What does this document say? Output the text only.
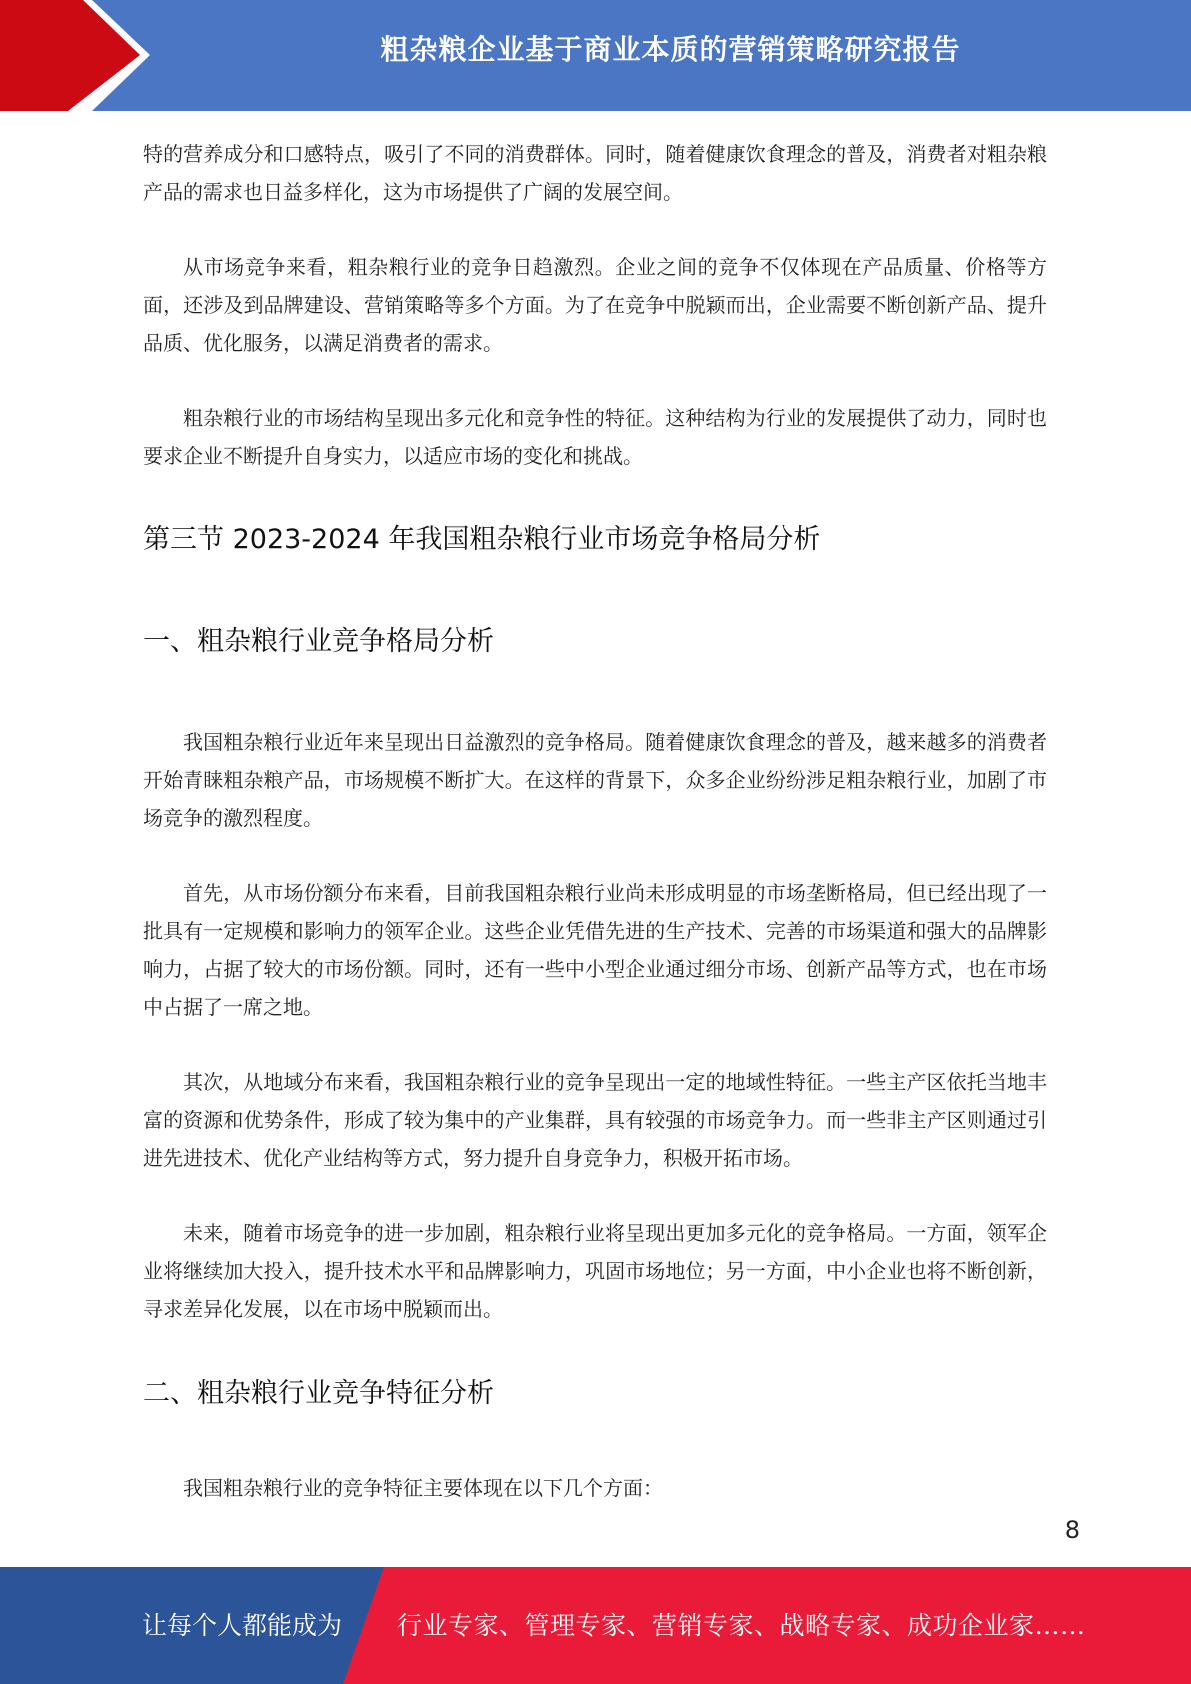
粗杂粮企业基于商业本质的营销策略研究报告

特的营养成分和口感特点，吸引了不同的消费群体。同时，随着健康饮食理念的普及，消费者对粗杂粮产品的需求也日益多样化，这为市场提供了广阔的发展空间。

从市场竞争来看，粗杂粮行业的竞争日趋激烈。企业之间的竞争不仅体现在产品质量、价格等方面，还涉及到品牌建设、营销策略等多个方面。为了在竞争中脱颖而出，企业需要不断创新产品、提升品质、优化服务，以满足消费者的需求。

粗杂粮行业的市场结构呈现出多元化和竞争性的特征。这种结构为行业的发展提供了动力，同时也要求企业不断提升自身实力，以适应市场的变化和挑战。

第三节 2023-2024 年我国粗杂粮行业市场竞争格局分析
一、粗杂粮行业竞争格局分析

我国粗杂粮行业近年来呈现出日益激烈的竞争格局。随着健康饮食理念的普及，越来越多的消费者开始青睐粗杂粮产品，市场规模不断扩大。在这样的背景下，众多企业纷纷涉足粗杂粮行业，加剧了市场竞争的激烈程度。

首先，从市场份额分布来看，目前我国粗杂粮行业尚未形成明显的市场垄断格局，但已经出现了一批具有一定规模和影响力的领军企业。这些企业凭借先进的生产技术、完善的市场渠道和强大的品牌影响力，占据了较大的市场份额。同时，还有一些中小型企业通过细分市场、创新产品等方式，也在市场中占据了一席之地。

其次，从地域分布来看，我国粗杂粮行业的竞争呈现出一定的地域性特征。一些主产区依托当地丰富的资源和优势条件，形成了较为集中的产业集群，具有较强的市场竞争力。而一些非主产区则通过引进先进技术、优化产业结构等方式，努力提升自身竞争力，积极开拓市场。

未来，随着市场竞争的进一步加剧，粗杂粮行业将呈现出更加多元化的竞争格局。一方面，领军企业将继续加大投入，提升技术水平和品牌影响力，巩固市场地位；另一方面，中小企业也将不断创新，寻求差异化发展，以在市场中脱颖而出。

二、粗杂粮行业竞争特征分析

我国粗杂粮行业的竞争特征主要体现在以下几个方面：

8
让每个人都能成为 行业专家、管理专家、营销专家、战略专家、成功企业家……
